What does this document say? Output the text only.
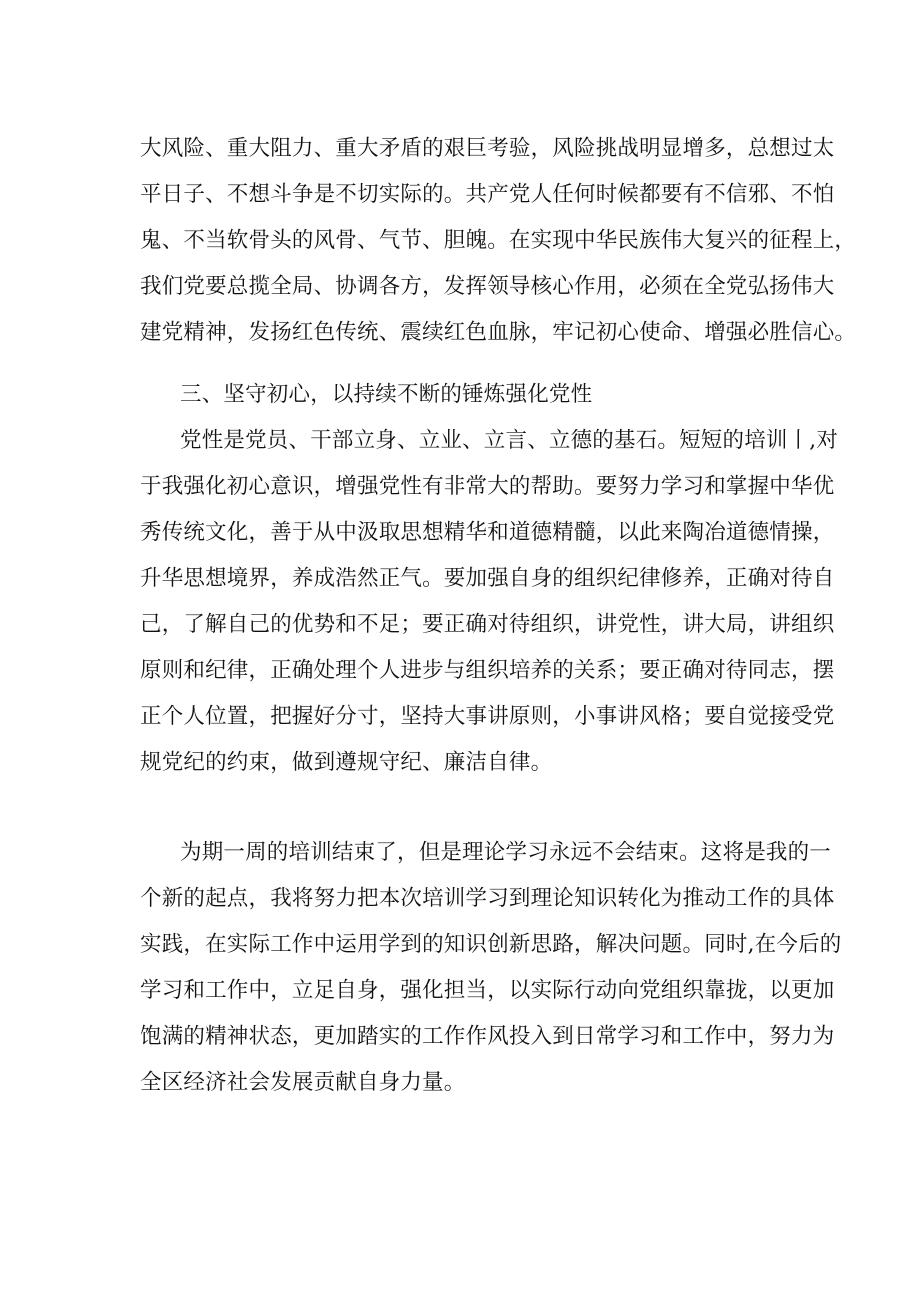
大风险、重大阻力、重大矛盾的艰巨考验，风险挑战明显增多，总想过太
平日子、不想斗争是不切实际的。共产党人任何时候都要有不信邪、不怕
鬼、不当软骨头的风骨、气节、胆魄。在实现中华民族伟大复兴的征程上，
我们党要总揽全局、协调各方，发挥领导核心作用，必须在全党弘扬伟大
建党精神，发扬红色传统、震续红色血脉，牢记初心使命、增强必胜信心。
三、坚守初心，以持续不断的锤炼强化党性
党性是党员、干部立身、立业、立言、立德的基石。短短的培训丨,对
于我强化初心意识，增强党性有非常大的帮助。要努力学习和掌握中华优
秀传统文化，善于从中汲取思想精华和道德精髓，以此来陶冶道德情操，
升华思想境界，养成浩然正气。要加强自身的组织纪律修养，正确对待自
己，了解自己的优势和不足；要正确对待组织，讲党性，讲大局，讲组织
原则和纪律，正确处理个人进步与组织培养的关系；要正确对待同志，摆
正个人位置，把握好分寸，坚持大事讲原则，小事讲风格；要自觉接受党
规党纪的约束，做到遵规守纪、廉洁自律。
为期一周的培训结束了，但是理论学习永远不会结束。这将是我的一
个新的起点，我将努力把本次培训学习到理论知识转化为推动工作的具体
实践，在实际工作中运用学到的知识创新思路，解决问题。同时,在今后的
学习和工作中，立足自身，强化担当，以实际行动向党组织靠拢，以更加
饱满的精神状态，更加踏实的工作作风投入到日常学习和工作中，努力为
全区经济社会发展贡献自身力量。
